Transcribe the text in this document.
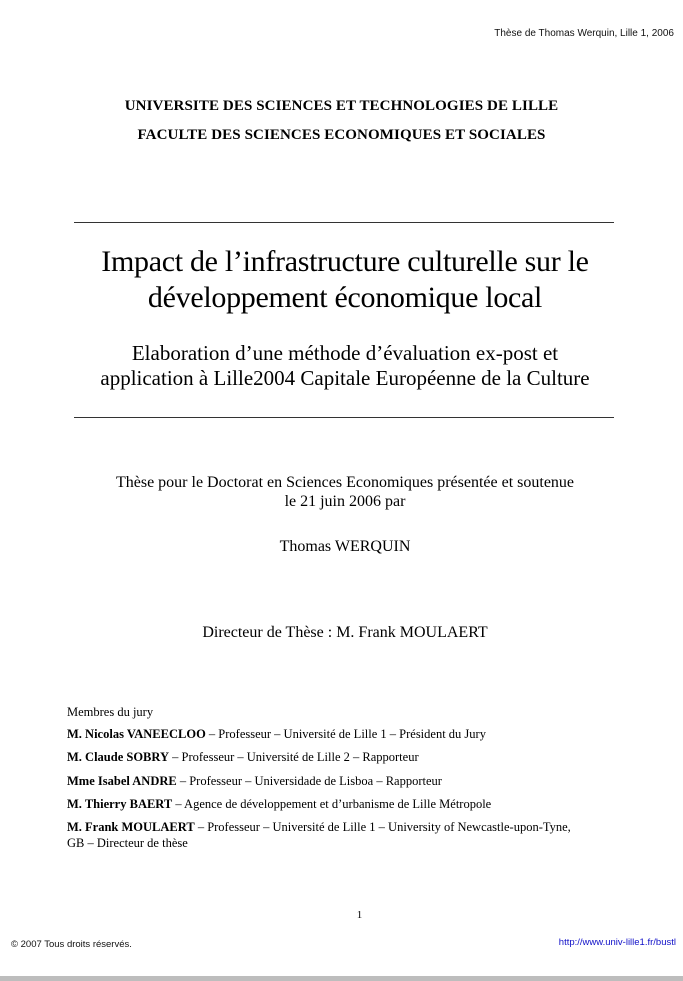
Thèse de Thomas Werquin, Lille 1, 2006
UNIVERSITE DES SCIENCES ET TECHNOLOGIES DE LILLE
FACULTE DES SCIENCES ECONOMIQUES ET SOCIALES
Impact de l’infrastructure culturelle sur le
développement économique local
Elaboration d’une méthode d’évaluation ex-post et
application à Lille2004 Capitale Européenne de la Culture
Thèse pour le Doctorat en Sciences Economiques présentée et soutenue
le 21 juin 2006 par
Thomas WERQUIN
Directeur de Thèse : M. Frank MOULAERT
Membres du jury
M. Nicolas VANEECLOO – Professeur – Université de Lille 1 – Président du Jury
M. Claude SOBRY – Professeur – Université de Lille 2 – Rapporteur
Mme Isabel ANDRE – Professeur – Universidade de Lisboa – Rapporteur
M. Thierry BAERT – Agence de développement et d’urbanisme de Lille Métropole
M. Frank MOULAERT – Professeur – Université de Lille 1 – University of Newcastle-upon-Tyne, GB – Directeur de thèse
1
© 2007 Tous droits réservés.	http://www.univ-lille1.fr/bustl
